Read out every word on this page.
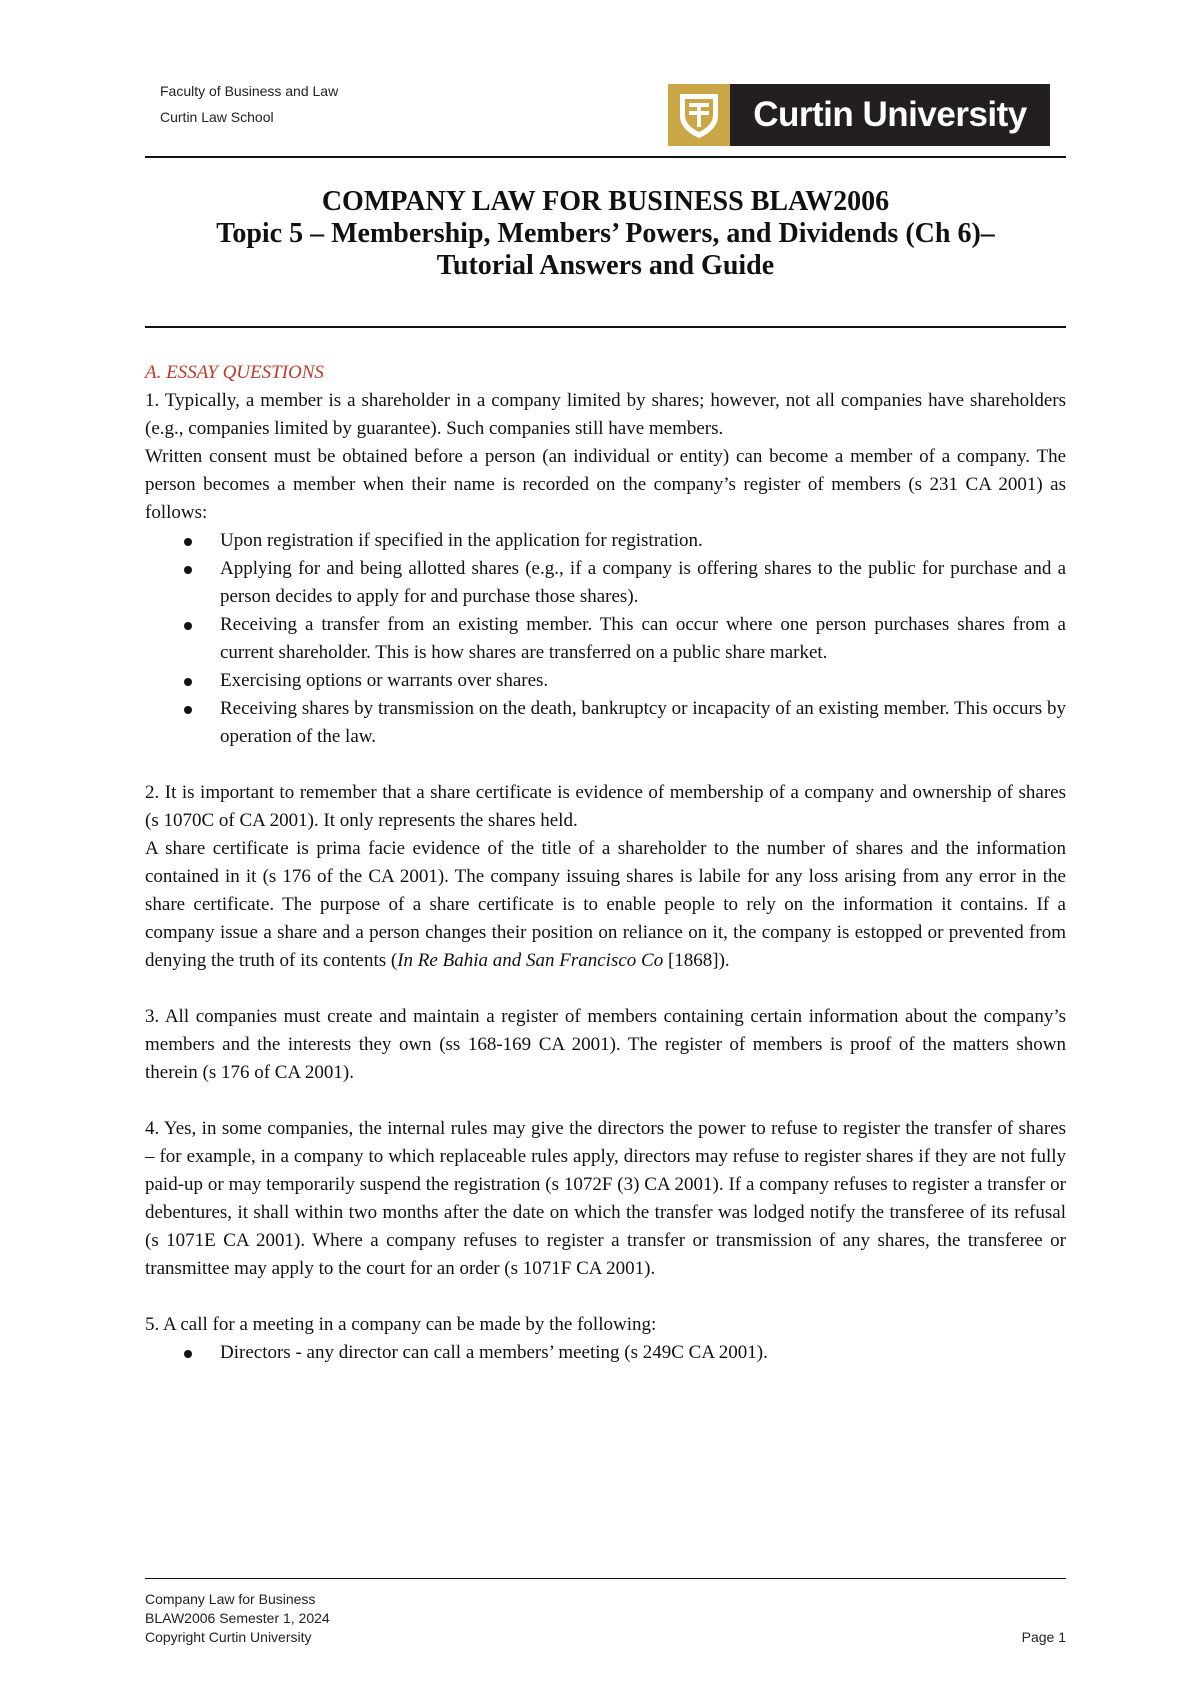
Faculty of Business and Law
Curtin Law School	Curtin University
COMPANY LAW FOR BUSINESS BLAW2006
Topic 5 – Membership, Members’ Powers, and Dividends (Ch 6)–
Tutorial Answers and Guide

A. ESSAY QUESTIONS

1. Typically, a member is a shareholder in a company limited by shares; however, not all companies have shareholders (e.g., companies limited by guarantee). Such companies still have members.

Written consent must be obtained before a person (an individual or entity) can become a member of a company. The person becomes a member when their name is recorded on the company’s register of members (s 231 CA 2001) as follows:

Upon registration if specified in the application for registration.
Applying for and being allotted shares (e.g., if a company is offering shares to the public for purchase and a person decides to apply for and purchase those shares).
Receiving a transfer from an existing member. This can occur where one person purchases shares from a current shareholder. This is how shares are transferred on a public share market.
Exercising options or warrants over shares.
Receiving shares by transmission on the death, bankruptcy or incapacity of an existing member. This occurs by operation of the law.

2. It is important to remember that a share certificate is evidence of membership of a company and ownership of shares (s 1070C of CA 2001). It only represents the shares held.

A share certificate is prima facie evidence of the title of a shareholder to the number of shares and the information contained in it (s 176 of the CA 2001). The company issuing shares is labile for any loss arising from any error in the share certificate. The purpose of a share certificate is to enable people to rely on the information it contains. If a company issue a share and a person changes their position on reliance on it, the company is estopped or prevented from denying the truth of its contents (In Re Bahia and San Francisco Co [1868]).

3. All companies must create and maintain a register of members containing certain information about the company’s members and the interests they own (ss 168-169 CA 2001). The register of members is proof of the matters shown therein (s 176 of CA 2001).

4. Yes, in some companies, the internal rules may give the directors the power to refuse to register the transfer of shares – for example, in a company to which replaceable rules apply, directors may refuse to register shares if they are not fully paid-up or may temporarily suspend the registration (s 1072F (3) CA 2001). If a company refuses to register a transfer or debentures, it shall within two months after the date on which the transfer was lodged notify the transferee of its refusal (s 1071E CA 2001). Where a company refuses to register a transfer or transmission of any shares, the transferee or transmittee may apply to the court for an order (s 1071F CA 2001).

5. A call for a meeting in a company can be made by the following:

Directors - any director can call a members’ meeting (s 249C CA 2001).
Company Law for Business
BLAW2006 Semester 1, 2024
Copyright Curtin University	Page 1
